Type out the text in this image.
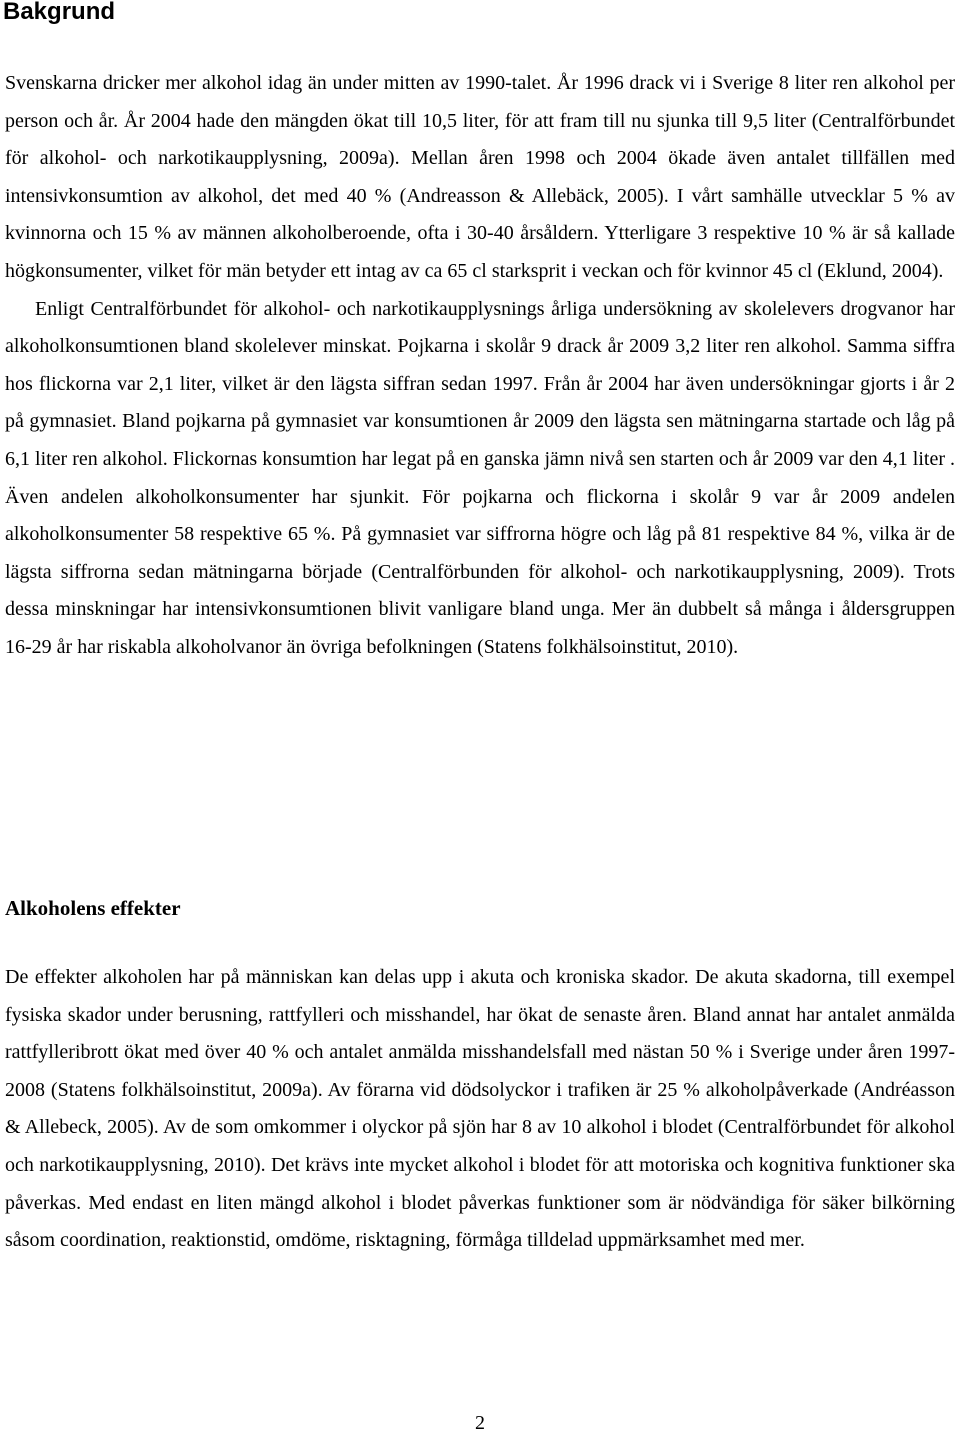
Bakgrund

Svenskarna dricker mer alkohol idag än under mitten av 1990-talet. År 1996 drack vi i Sverige 8 liter ren alkohol per person och år. År 2004 hade den mängden ökat till 10,5 liter, för att fram till nu sjunka till 9,5 liter (Centralförbundet för alkohol- och narkotikaupplysning, 2009a). Mellan åren 1998 och 2004 ökade även antalet tillfällen med intensivkonsumtion av alkohol, det med 40 % (Andreasson & Allebäck, 2005). I vårt samhälle utvecklar 5 % av kvinnorna och 15 % av männen alkoholberoende, ofta i 30-40 årsåldern. Ytterligare 3 respektive 10 % är så kallade högkonsumenter, vilket för män betyder ett intag av ca 65 cl starksprit i veckan och för kvinnor 45 cl (Eklund, 2004).

Enligt Centralförbundet för alkohol- och narkotikaupplysnings årliga undersökning av skolelevers drogvanor har alkoholkonsumtionen bland skolelever minskat. Pojkarna i skolår 9 drack år 2009 3,2 liter ren alkohol. Samma siffra hos flickorna var 2,1 liter, vilket är den lägsta siffran sedan 1997. Från år 2004 har även undersökningar gjorts i år 2 på gymnasiet. Bland pojkarna på gymnasiet var konsumtionen år 2009 den lägsta sen mätningarna startade och låg på 6,1 liter ren alkohol. Flickornas konsumtion har legat på en ganska jämn nivå sen starten och år 2009 var den 4,1 liter . Även andelen alkoholkonsumenter har sjunkit. För pojkarna och flickorna i skolår 9 var år 2009 andelen alkoholkonsumenter 58 respektive 65 %. På gymnasiet var siffrorna högre och låg på 81 respektive 84 %, vilka är de lägsta siffrorna sedan mätningarna började (Centralförbunden för alkohol- och narkotikaupplysning, 2009). Trots dessa minskningar har intensivkonsumtionen blivit vanligare bland unga. Mer än dubbelt så många i åldersgruppen 16-29 år har riskabla alkoholvanor än övriga befolkningen (Statens folkhälsoinstitut, 2010).

Alkoholens effekter

De effekter alkoholen har på människan kan delas upp i akuta och kroniska skador. De akuta skadorna, till exempel fysiska skador under berusning, rattfylleri och misshandel, har ökat de senaste åren. Bland annat har antalet anmälda rattfylleribrott ökat med över 40 % och antalet anmälda misshandelsfall med nästan 50 % i Sverige under åren 1997-2008 (Statens folkhälsoinstitut, 2009a). Av förarna vid dödsolyckor i trafiken är 25 % alkoholpåverkade (Andréasson & Allebeck, 2005). Av de som omkommer i olyckor på sjön har 8 av 10 alkohol i blodet (Centralförbundet för alkohol och narkotikaupplysning, 2010). Det krävs inte mycket alkohol i blodet för att motoriska och kognitiva funktioner ska påverkas. Med endast en liten mängd alkohol i blodet påverkas funktioner som är nödvändiga för säker bilkörning såsom coordination, reaktionstid, omdöme, risktagning, förmåga tilldelad uppmärksamhet med mer.

2
